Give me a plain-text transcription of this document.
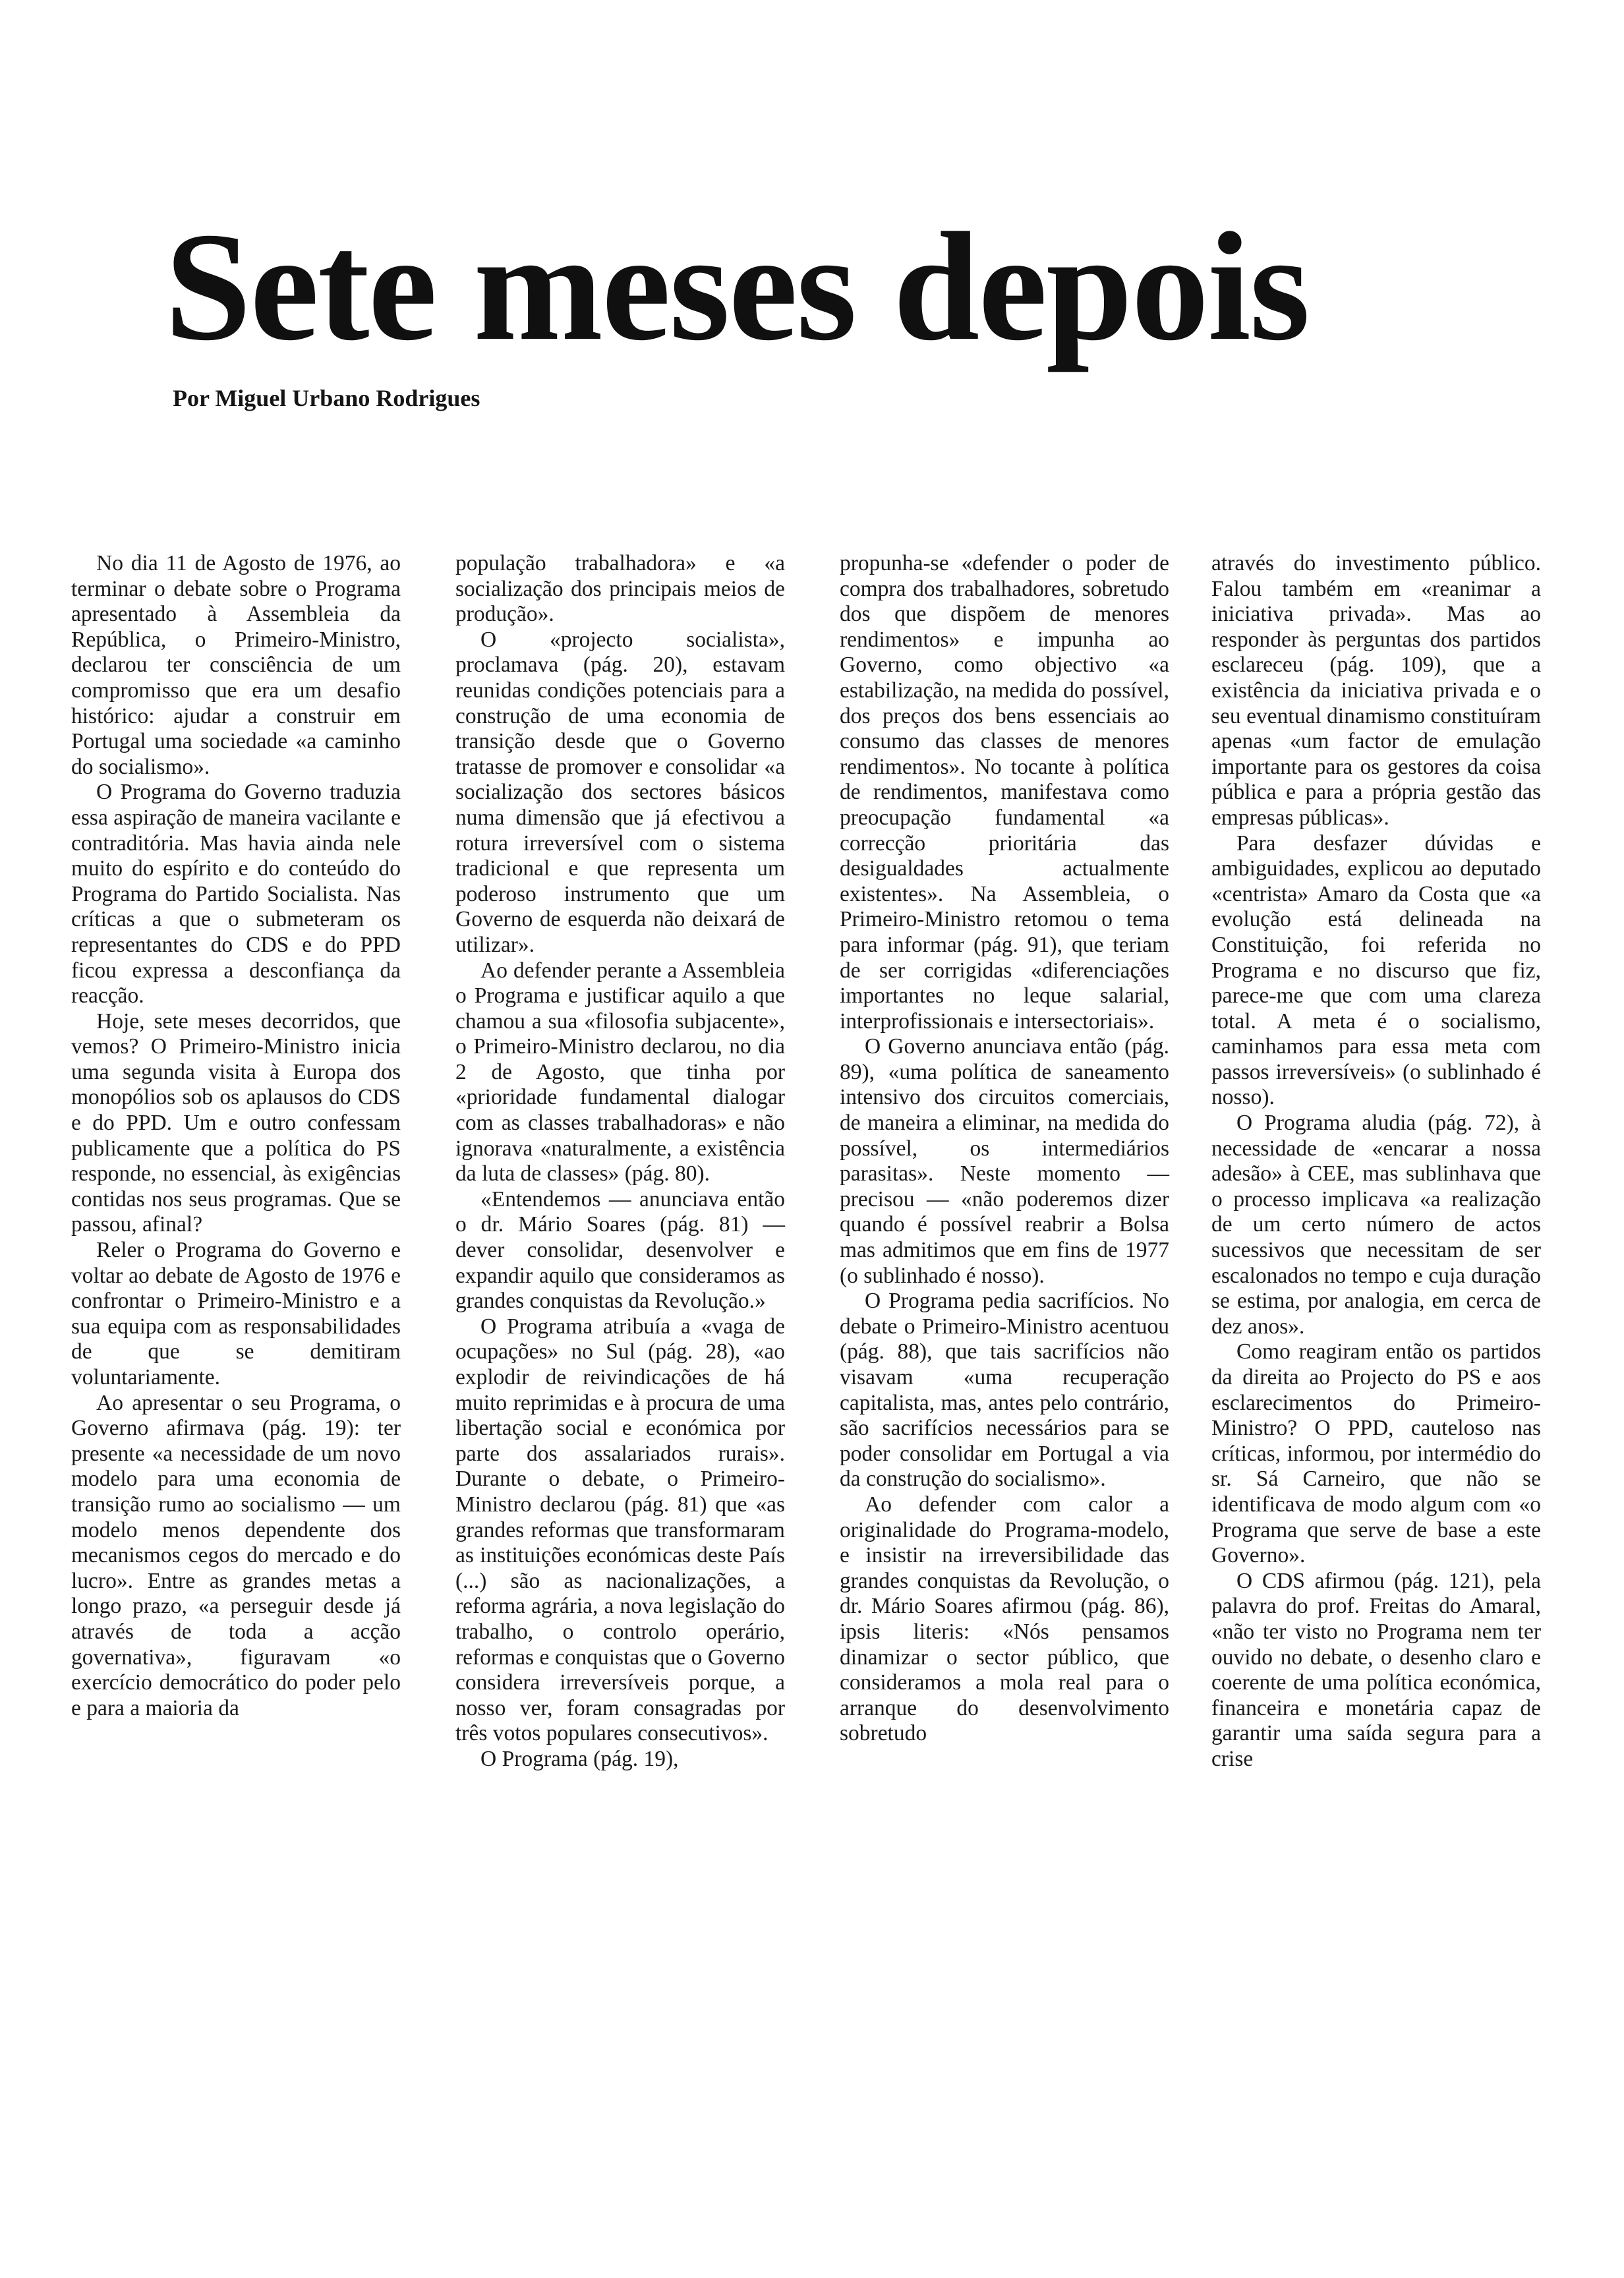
Sete meses depois
Por Miguel Urbano Rodrigues

No dia 11 de Agosto de 1976, ao terminar o debate sobre o Programa apresentado à Assembleia da República, o Primeiro-Ministro, declarou ter consciência de um compromisso que era um desafio histórico: ajudar a construir em Portugal uma sociedade «a caminho do socialismo».

O Programa do Governo traduzia essa aspiração de maneira vacilante e contraditória. Mas havia ainda nele muito do espírito e do conteúdo do Programa do Partido Socialista. Nas críticas a que o submeteram os representantes do CDS e do PPD ficou expressa a desconfiança da reacção.

Hoje, sete meses decorridos, que vemos? O Primeiro-Ministro inicia uma segunda visita à Europa dos monopólios sob os aplausos do CDS e do PPD. Um e outro confessam publicamente que a política do PS responde, no essencial, às exigências contidas nos seus programas. Que se passou, afinal?

Reler o Programa do Governo e voltar ao debate de Agosto de 1976 e confrontar o Primeiro-Ministro e a sua equipa com as responsabilidades de que se demitiram voluntariamente.

Ao apresentar o seu Programa, o Governo afirmava (pág. 19): ter presente «a necessidade de um novo modelo para uma economia de transição rumo ao socialismo — um modelo menos dependente dos mecanismos cegos do mercado e do lucro». Entre as grandes metas a longo prazo, «a perseguir desde já através de toda a acção governativa», figuravam «o exercício democrático do poder pelo e para a maioria da

população trabalhadora» e «a socialização dos principais meios de produção».

O «projecto socialista», proclamava (pág. 20), estavam reunidas condições potenciais para a construção de uma economia de transição desde que o Governo tratasse de promover e consolidar «a socialização dos sectores básicos numa dimensão que já efectivou a rotura irreversível com o sistema tradicional e que representa um poderoso instrumento que um Governo de esquerda não deixará de utilizar».

Ao defender perante a Assembleia o Programa e justificar aquilo a que chamou a sua «filosofia subjacente», o Primeiro-Ministro declarou, no dia 2 de Agosto, que tinha por «prioridade fundamental dialogar com as classes trabalhadoras» e não ignorava «naturalmente, a existência da luta de classes» (pág. 80).

«Entendemos — anunciava então o dr. Mário Soares (pág. 81) — dever consolidar, desenvolver e expandir aquilo que consideramos as grandes conquistas da Revolução.»

O Programa atribuía a «vaga de ocupações» no Sul (pág. 28), «ao explodir de reivindicações de há muito reprimidas e à procura de uma libertação social e económica por parte dos assalariados rurais». Durante o debate, o Primeiro-Ministro declarou (pág. 81) que «as grandes reformas que transformaram as instituições económicas deste País (...) são as nacionalizações, a reforma agrária, a nova legislação do trabalho, o controlo operário, reformas e conquistas que o Governo considera irreversíveis porque, a nosso ver, foram consagradas por três votos populares consecutivos».

O Programa (pág. 19),

propunha-se «defender o poder de compra dos trabalhadores, sobretudo dos que dispõem de menores rendimentos» e impunha ao Governo, como objectivo «a estabilização, na medida do possível, dos preços dos bens essenciais ao consumo das classes de menores rendimentos». No tocante à política de rendimentos, manifestava como preocupação fundamental «a correcção prioritária das desigualdades actualmente existentes». Na Assembleia, o Primeiro-Ministro retomou o tema para informar (pág. 91), que teriam de ser corrigidas «diferenciações importantes no leque salarial, interprofissionais e intersectoriais».

O Governo anunciava então (pág. 89), «uma política de saneamento intensivo dos circuitos comerciais, de maneira a eliminar, na medida do possível, os intermediários parasitas». Neste momento — precisou — «não poderemos dizer quando é possível reabrir a Bolsa mas admitimos que em fins de 1977 (o sublinhado é nosso).

O Programa pedia sacrifícios. No debate o Primeiro-Ministro acentuou (pág. 88), que tais sacrifícios não visavam «uma recuperação capitalista, mas, antes pelo contrário, são sacrifícios necessários para se poder consolidar em Portugal a via da construção do socialismo».

Ao defender com calor a originalidade do Programa-modelo, e insistir na irreversibilidade das grandes conquistas da Revolução, o dr. Mário Soares afirmou (pág. 86), ipsis literis: «Nós pensamos dinamizar o sector público, que consideramos a mola real para o arranque do desenvolvimento sobretudo

através do investimento público. Falou também em «reanimar a iniciativa privada». Mas ao responder às perguntas dos partidos esclareceu (pág. 109), que a existência da iniciativa privada e o seu eventual dinamismo constituíram apenas «um factor de emulação importante para os gestores da coisa pública e para a própria gestão das empresas públicas».

Para desfazer dúvidas e ambiguidades, explicou ao deputado «centrista» Amaro da Costa que «a evolução está delineada na Constituição, foi referida no Programa e no discurso que fiz, parece-me que com uma clareza total. A meta é o socialismo, caminhamos para essa meta com passos irreversíveis» (o sublinhado é nosso).

O Programa aludia (pág. 72), à necessidade de «encarar a nossa adesão» à CEE, mas sublinhava que o processo implicava «a realização de um certo número de actos sucessivos que necessitam de ser escalonados no tempo e cuja duração se estima, por analogia, em cerca de dez anos».

Como reagiram então os partidos da direita ao Projecto do PS e aos esclarecimentos do Primeiro-Ministro? O PPD, cauteloso nas críticas, informou, por intermédio do sr. Sá Carneiro, que não se identificava de modo algum com «o Programa que serve de base a este Governo».

O CDS afirmou (pág. 121), pela palavra do prof. Freitas do Amaral, «não ter visto no Programa nem ter ouvido no debate, o desenho claro e coerente de uma política económica, financeira e monetária capaz de garantir uma saída segura para a crise
